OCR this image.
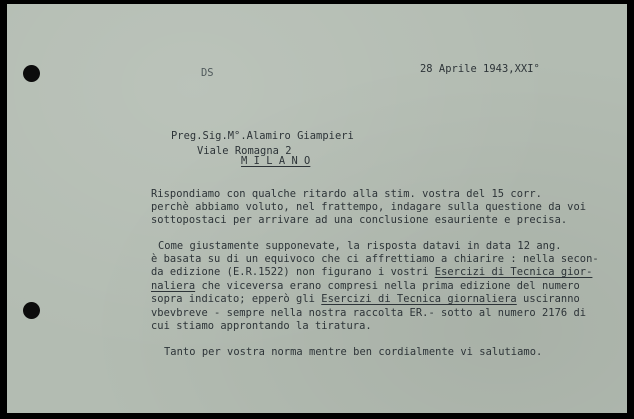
DS	28 Aprile 1943,XXI°
Preg.Sig.M°.Alamiro Giampieri
Viale Romagna 2
M I L A N O
Rispondiamo con qualche ritardo alla stim. vostra del 15 corr.
perchè abbiamo voluto, nel frattempo, indagare sulla questione da voi
sottopostaci per arrivare ad una conclusione esauriente e precisa.
Come giustamente supponevate, la risposta datavi in data 12 ang.
è basata su di un equivoco che ci affrettiamo a chiarire : nella secon-
da edizione (E.R.1522) non figurano i vostri Esercizi di Tecnica gior-
naliera che viceversa erano compresi nella prima edizione del numero
sopra indicato; epperò gli Esercizi di Tecnica giornaliera usciranno
vbevbreve - sempre nella nostra raccolta ER.- sotto al numero 2176 di
cui stiamo approntando la tiratura.
Tanto per vostra norma mentre ben cordialmente vi salutiamo.
